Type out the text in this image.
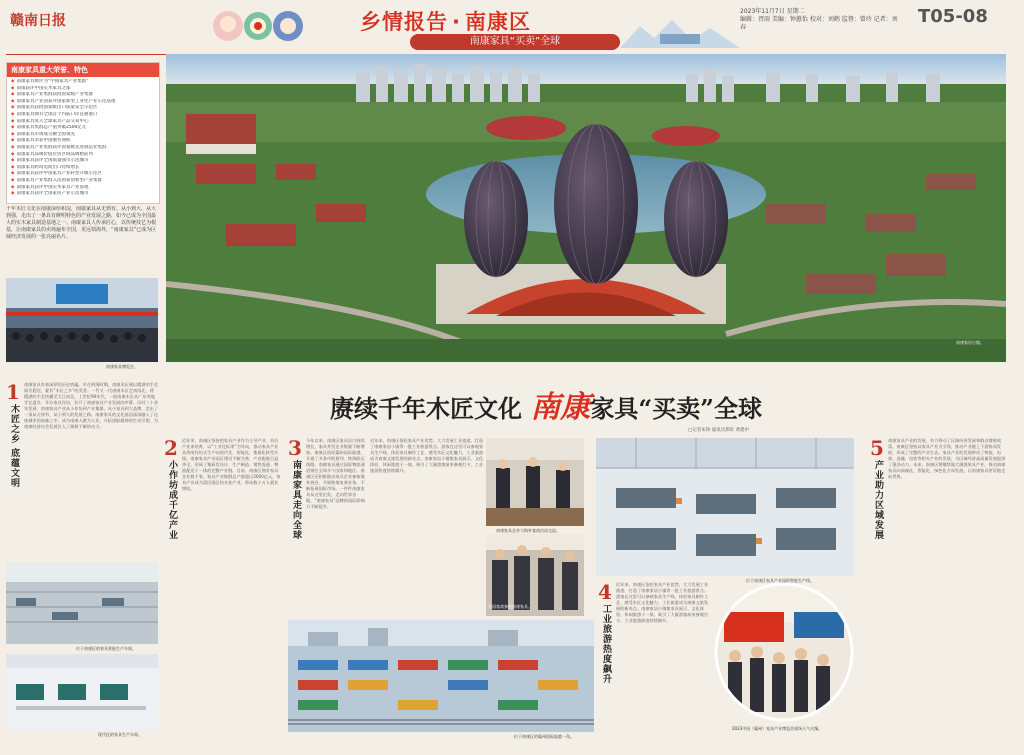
赣南日报	乡情报告 · 南康区
南康家具“买卖”全球
2023年11月7日 星期二
编辑：胥雨 美编：钟蕙怡 校对：刘鹤 监督：曾玲 记者：刘春
T05-08
南康家具重大荣誉、特色
◆ 南康家具被评为“中国家具产业集群”
◆ 南康获评中国实木家具之都
◆ 南康家具产业集群获批国家级产业集群
◆ 南康家具产业园获评国家新型工业化产业示范基地
◆ 南康家具获批国家级出口质量安全示范区
◆ 南康家具拥有全国首个内陆口岸直通港口
◆ 南康家具进入全球家具产品交易中心
◆ 南康家具集群总产值突破2500亿元
◆ 南康家具市场成交额全国领先
◆ 南康家具荣获中国驰名商标
◆ 南康家具产业集群获评国家级先进制造业集群
◆ 南康家具品牌价值位居区域品牌榜前列
◆ 南康家具获评全国质量强市示范城市
◆ 南康家具跨境电商出口持续增长
◆ 南康家具获评中国家具产业转型升级示范区
◆ 南康家具产业集群入选国家创新型产业集群
◆ 南康家具获评中国实木家具产业基地
◆ 南康家具获评全国家居产业示范城市
千年木匠文化在南康深厚积淀，南康家具从无到有、从小到大、从大到强，走出了一条具有鲜明特色的产业发展之路，如今已成为全国最大的实木家具制造基地之一。南康家具人传承匠心，以传统技艺为根基，让南康家具的卖场遍布全国，更远销海外，“南康家具”已成为区域经济发展的一张亮丽名片。
南康家具博览会。
1
木匠之乡 底蕴文明
南康家具有着深厚的历史底蕴。早在明清时期，南康木匠便以精湛的手艺闻名遐迩，素有“木匠之乡”的美誉。一代又一代南康木匠走南闯北，将精湛的手艺传播至大江南北。上世纪90年代，一批南康木匠从广东等地学艺返乡，开办家具作坊，拉开了南康家具产业发展的序幕。历经三十余年发展，南康家具产业从小作坊到产业集群，从小家具到大品牌，走出了一条从无到有、从小到大的发展之路。南康家具的文化基因深深融入了这座城市的血脉之中，成为南康人敢为人先、开拓进取精神的生动写照，为南康经济社会发展注入了源源不断的动力。
位于南康区的家具智能生产车间。
现代化的家具生产车间。
南康家居小镇。
赓续千年木匠文化 南康家具“买卖”全球
□记者朱铮 通讯员郑旺 黄建中
2
小作坊成千亿产业
近年来，南康区坚持把家具产业作为主导产业、首位产业来培育，以“工业化标准”为导向，推动家具产业从传统作坊式生产向现代化、智能化、集群化转型升级。南康家具产业园区建设不断完善，产业配套日益齐全，形成了集研发设计、生产制造、销售流通、物流配送于一体的完整产业链。目前，南康区拥有家具企业数千家，家具产业集群总产值超过2000亿元，家具产业成为富民强区的支柱产业，带动数十万人就业增收。
3
南康家具走向全球
今年以来，南康区家具出口持续增长，家具外贸企业数量不断增加。南康区依托赣州国际陆港，开通了多条中欧班列、铁海联运线路，南康家具通过国际物流通道销往全球多个国家和地区。南康区还积极推动家具企业参加海外展会、开展跨境电商业务，不断拓展国际市场。一件件南康家具从这里出发，走向世界各地，“南康家具”品牌的国际影响力不断提升。
近年来，南康区依托家具产业优势，大力发展工业旅游，打造了南康家居小镇等一批工业旅游景点。游客在这里可以参观家具生产线、体验家具制作工艺、感受木匠文化魅力，工业旅游成为南康文旅发展的新亮点。南康家居小镇集家具展示、文化体验、休闲旅游于一体，吸引了大量游客前来参观打卡，工业旅游热度持续飙升。
南康家具企业与海外客商洽谈交流。
外国客商参观南康家具。
位于南康区家具产业园的智能生产线。
4
工业旅游热度飙升
近年来，南康区依托家具产业优势，大力发展工业旅游，打造了南康家居小镇等一批工业旅游景点。游客在这里可以参观家具生产线、体验家具制作工艺、感受木匠文化魅力，工业旅游成为南康文旅发展的新亮点。南康家居小镇集家具展示、文化体验、休闲旅游于一体，吸引了大量游客前来参观打卡，工业旅游热度持续飙升。
位于南康区的赣州国际陆港一角。
2023中国（赣州）家具产业博览会现场人气火爆。
5
产业助力区域发展
南康家具产业的发展，有力带动了区域经济发展和群众增收致富。南康区坚持以家具产业为引领，推动产业链上下游协同发展，形成了完整的产业生态。家具产业的发展带动了物流、电商、金融、包装等相关产业的发展，为区域经济高质量发展提供了强劲动力。未来，南康区将继续做大做强家具产业，推动南康家具向高端化、智能化、绿色化方向发展，让南康家具更好地走向世界。
